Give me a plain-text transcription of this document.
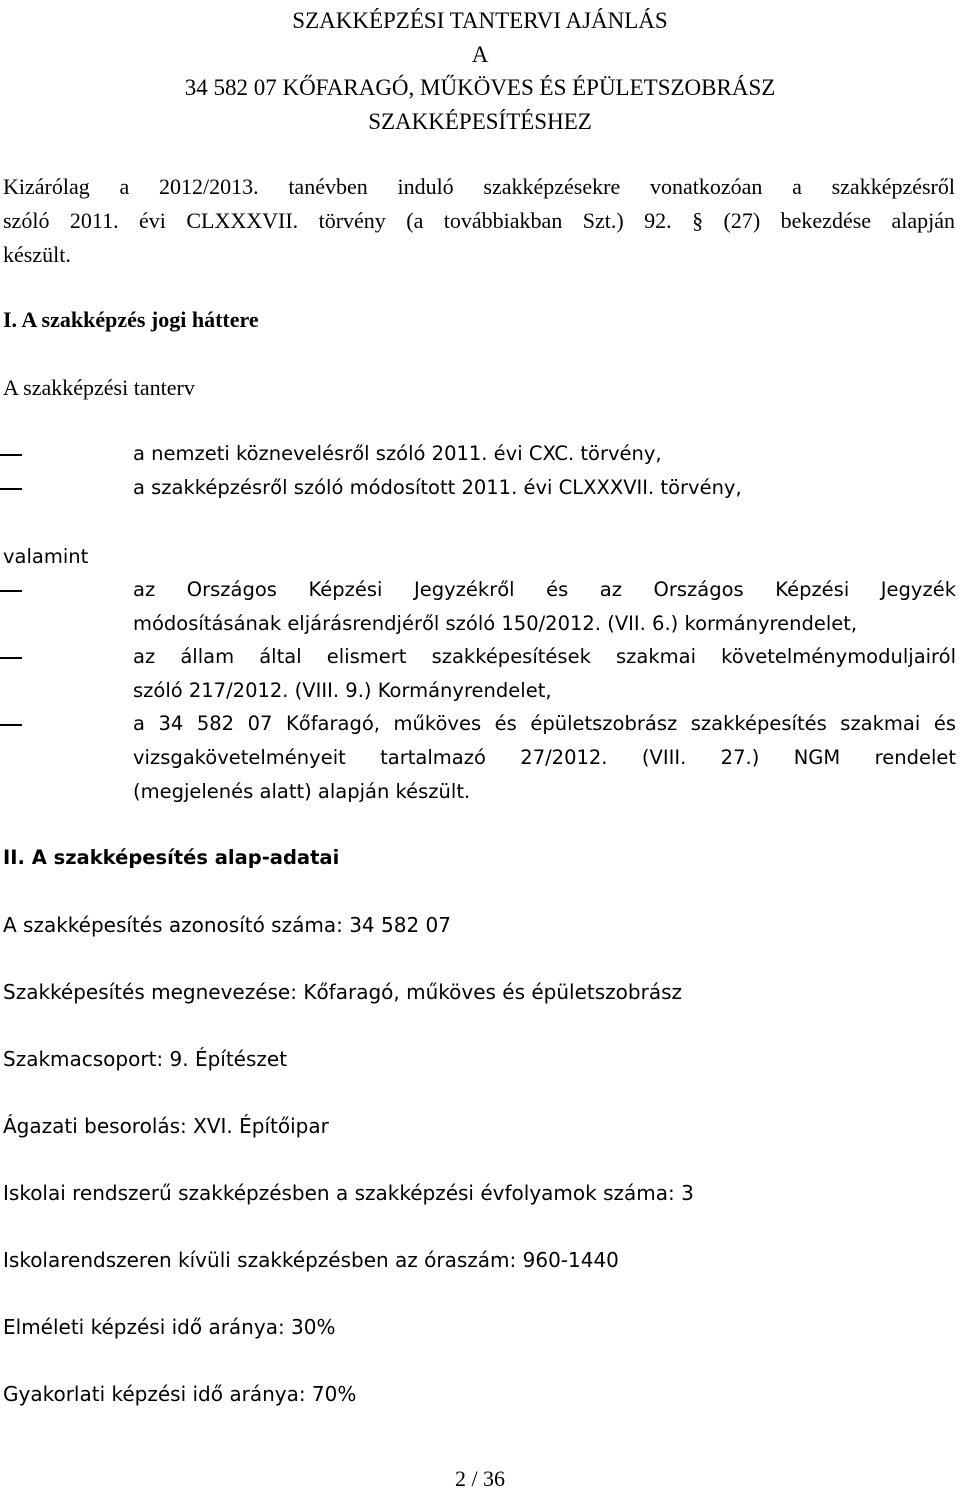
SZAKKÉPZÉSI TANTERVI AJÁNLÁS
A
34 582 07 KŐFARAGÓ, MŰKÖVES ÉS ÉPÜLETSZOBRÁSZ
SZAKKÉPESÍTÉSHEZ
Kizárólag a 2012/2013. tanévben induló szakképzésekre vonatkozóan a szakképzésről
szóló 2011. évi CLXXXVII. törvény (a továbbiakban Szt.) 92. § (27) bekezdése alapján
készült.
I. A szakképzés jogi háttere
A szakképzési tanterv
a nemzeti köznevelésről szóló 2011. évi CXC. törvény,
a szakképzésről szóló módosított 2011. évi CLXXXVII. törvény,
valamint
az Országos Képzési Jegyzékről és az Országos Képzési Jegyzék
módosításának eljárásrendjéről szóló 150/2012. (VII. 6.) kormányrendelet,
az állam által elismert szakképesítések szakmai követelménymoduljairól
szóló 217/2012. (VIII. 9.) Kormányrendelet,
a 34 582 07 Kőfaragó, műköves és épületszobrász szakképesítés szakmai és
vizsgakövetelményeit tartalmazó 27/2012. (VIII. 27.) NGM rendelet
(megjelenés alatt) alapján készült.
II. A szakképesítés alap-adatai
A szakképesítés azonosító száma: 34 582 07
Szakképesítés megnevezése: Kőfaragó, műköves és épületszobrász
Szakmacsoport: 9. Építészet
Ágazati besorolás: XVI. Építőipar
Iskolai rendszerű szakképzésben a szakképzési évfolyamok száma: 3
Iskolarendszeren kívüli szakképzésben az óraszám: 960-1440
Elméleti képzési idő aránya: 30%
Gyakorlati képzési idő aránya: 70%
2 / 36
